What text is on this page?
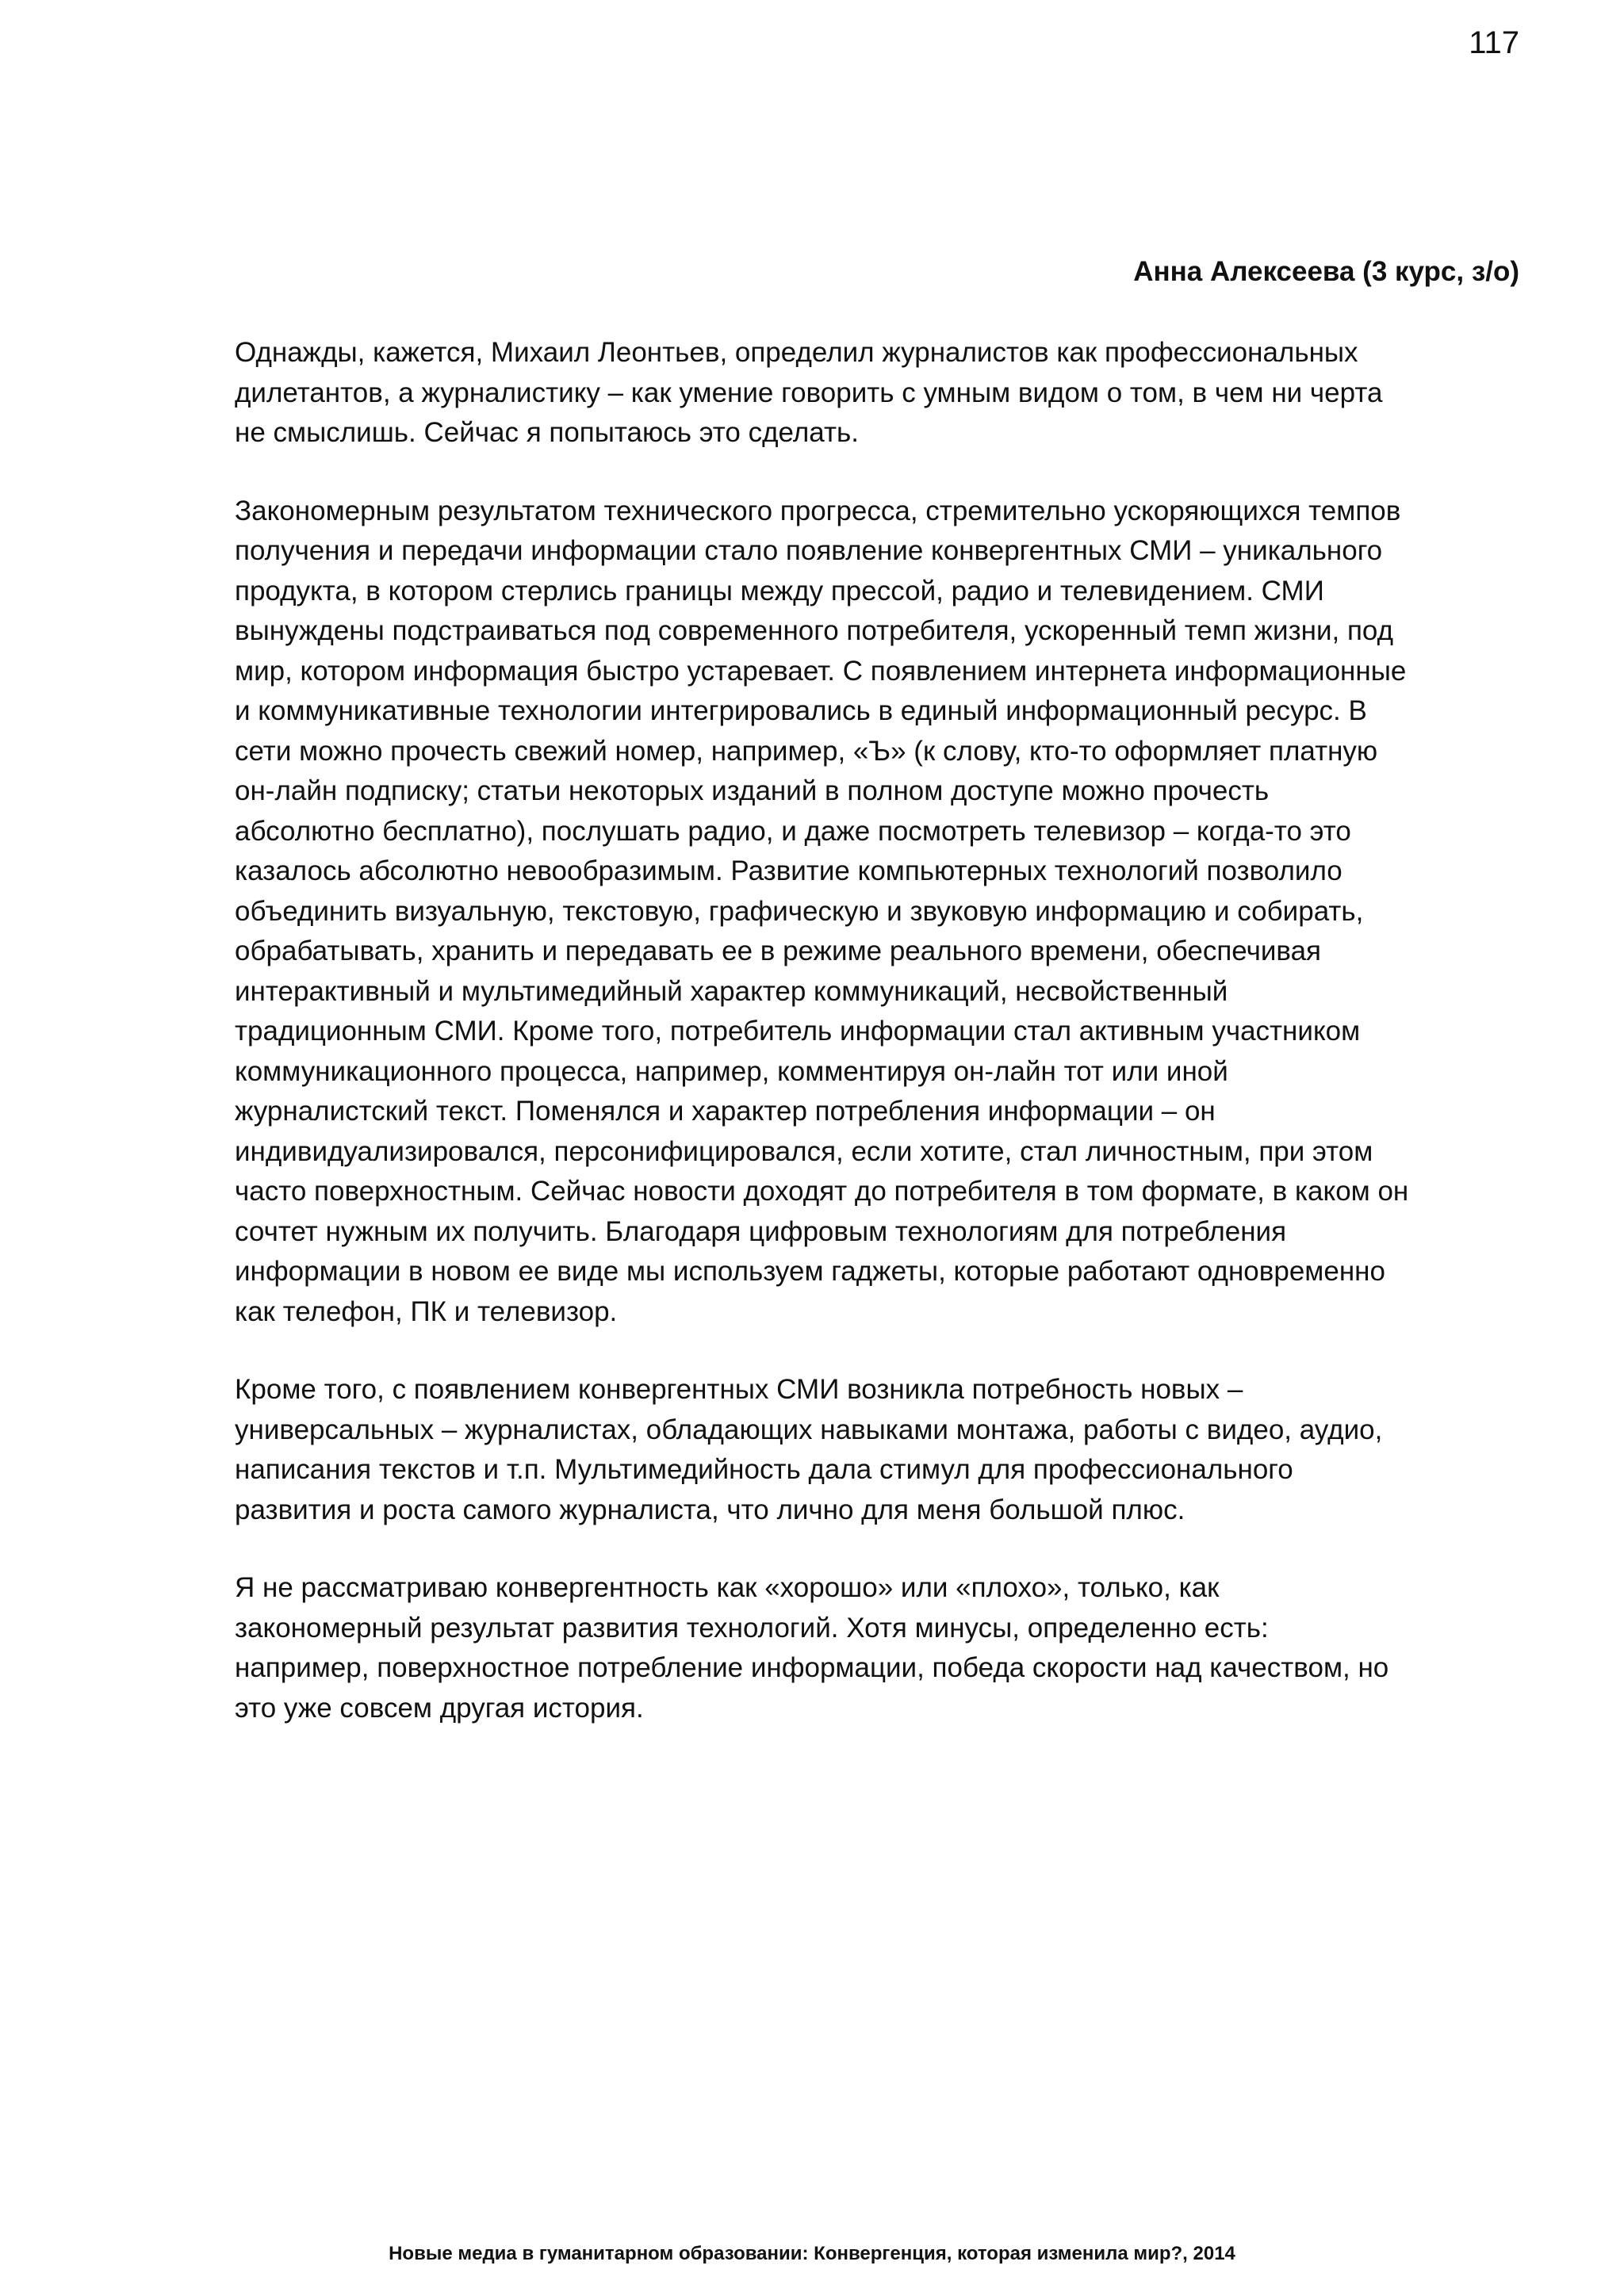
117
Анна Алексеева (3 курс, з/о)

Однажды, кажется, Михаил Леонтьев, определил журналистов как профессиональных
дилетантов, а журналистику – как умение говорить с умным видом о том, в чем ни черта
не смыслишь. Сейчас я попытаюсь это сделать.

Закономерным результатом технического прогресса, стремительно ускоряющихся темпов
получения и передачи информации стало появление конвергентных СМИ – уникального
продукта, в котором стерлись границы между прессой, радио и телевидением. СМИ
вынуждены подстраиваться под современного потребителя, ускоренный темп жизни, под
мир, котором информация быстро устаревает. С появлением интернета информационные
и коммуникативные технологии интегрировались в единый информационный ресурс. В
сети можно прочесть свежий номер, например, «Ъ» (к слову, кто-то оформляет платную
он-лайн подписку; статьи некоторых изданий в полном доступе можно прочесть
абсолютно бесплатно), послушать радио, и даже посмотреть телевизор – когда-то это
казалось абсолютно невообразимым. Развитие компьютерных технологий позволило
объединить визуальную, текстовую, графическую и звуковую информацию и собирать,
обрабатывать, хранить и передавать ее в режиме реального времени, обеспечивая
интерактивный и мультимедийный характер коммуникаций, несвойственный
традиционным СМИ. Кроме того, потребитель информации стал активным участником
коммуникационного процесса, например, комментируя он-лайн тот или иной
журналистский текст. Поменялся и характер потребления информации – он
индивидуализировался, персонифицировался, если хотите, стал личностным, при этом
часто поверхностным. Сейчас новости доходят до потребителя в том формате, в каком он
сочтет нужным их получить. Благодаря цифровым технологиям для потребления
информации в новом ее виде мы используем гаджеты, которые работают одновременно
как телефон, ПК и телевизор.

Кроме того, с появлением конвергентных СМИ возникла потребность новых –
универсальных – журналистах, обладающих навыками монтажа, работы с видео, аудио,
написания текстов и т.п. Мультимедийность дала стимул для профессионального
развития и роста самого журналиста, что лично для меня большой плюс.

Я не рассматриваю конвергентность как «хорошо» или «плохо», только, как
закономерный результат развития технологий. Хотя минусы, определенно есть:
например, поверхностное потребление информации, победа скорости над качеством, но
это уже совсем другая история.

Новые медиа в гуманитарном образовании: Конвергенция, которая изменила мир?, 2014
